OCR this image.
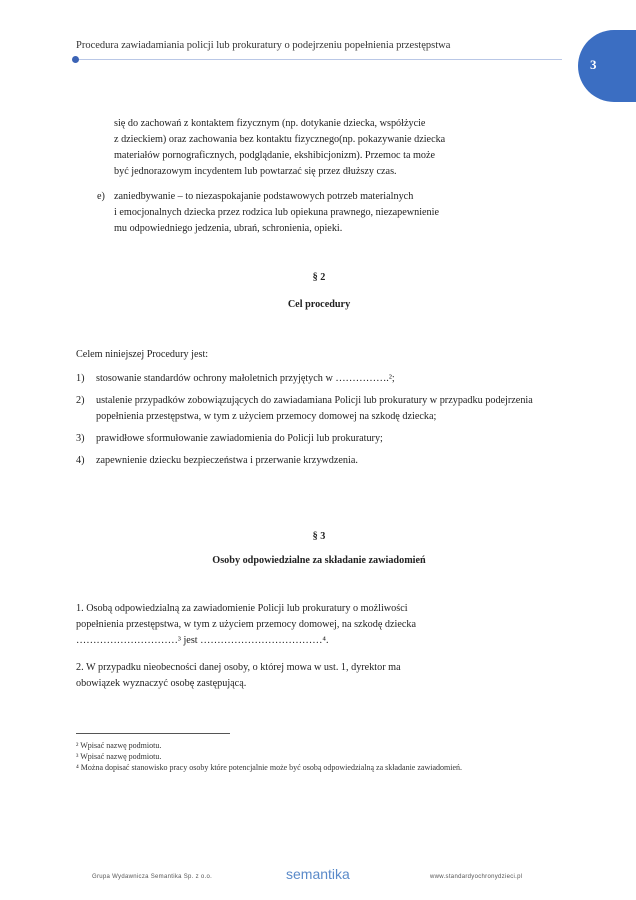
Procedura zawiadamiania policji lub prokuratury o podejrzeniu popełnienia przestępstwa
3
się do zachowań z kontaktem fizycznym (np. dotykanie dziecka, współżycie
z dzieckiem) oraz zachowania bez kontaktu fizycznego(np. pokazywanie dziecka
materiałów pornograficznych, podglądanie, ekshibicjonizm). Przemoc ta może
być jednorazowym incydentem lub powtarzać się przez dłuższy czas.
e) zaniedbywanie – to niezaspokajanie podstawowych potrzeb materialnych
i emocjonalnych dziecka przez rodzica lub opiekuna prawnego, niezapewnienie
mu odpowiedniego jedzenia, ubrań, schronienia, opieki.
§ 2
Cel procedury
Celem niniejszej Procedury jest:
1)	stosowanie standardów ochrony małoletnich przyjętych w …………….²;
2)	ustalenie przypadków zobowiązujących do zawiadamiana Policji lub prokuratury w przypadku podejrzenia popełnienia przestępstwa, w tym z użyciem przemocy domowej na szkodę dziecka;
3)	prawidłowe sformułowanie zawiadomienia do Policji lub prokuratury;
4)	zapewnienie dziecku bezpieczeństwa i przerwanie krzywdzenia.
§ 3
Osoby odpowiedzialne za składanie zawiadomień
1. Osobą odpowiedzialną za zawiadomienie Policji lub prokuratury o możliwości
popełnienia przestępstwa, w tym z użyciem przemocy domowej, na szkodę dziecka
…………………………³ jest ………………………………⁴.
2. W przypadku nieobecności danej osoby, o której mowa w ust. 1, dyrektor ma
obowiązek wyznaczyć osobę zastępującą.
² Wpisać nazwę podmiotu.
³ Wpisać nazwę podmiotu.
⁴ Można dopisać stanowisko pracy osoby które potencjalnie może być osobą odpowiedzialną za składanie zawiadomień.
Grupa Wydawnicza Semantika Sp. z o.o.	semantika	www.standardyochronydzieci.pl
